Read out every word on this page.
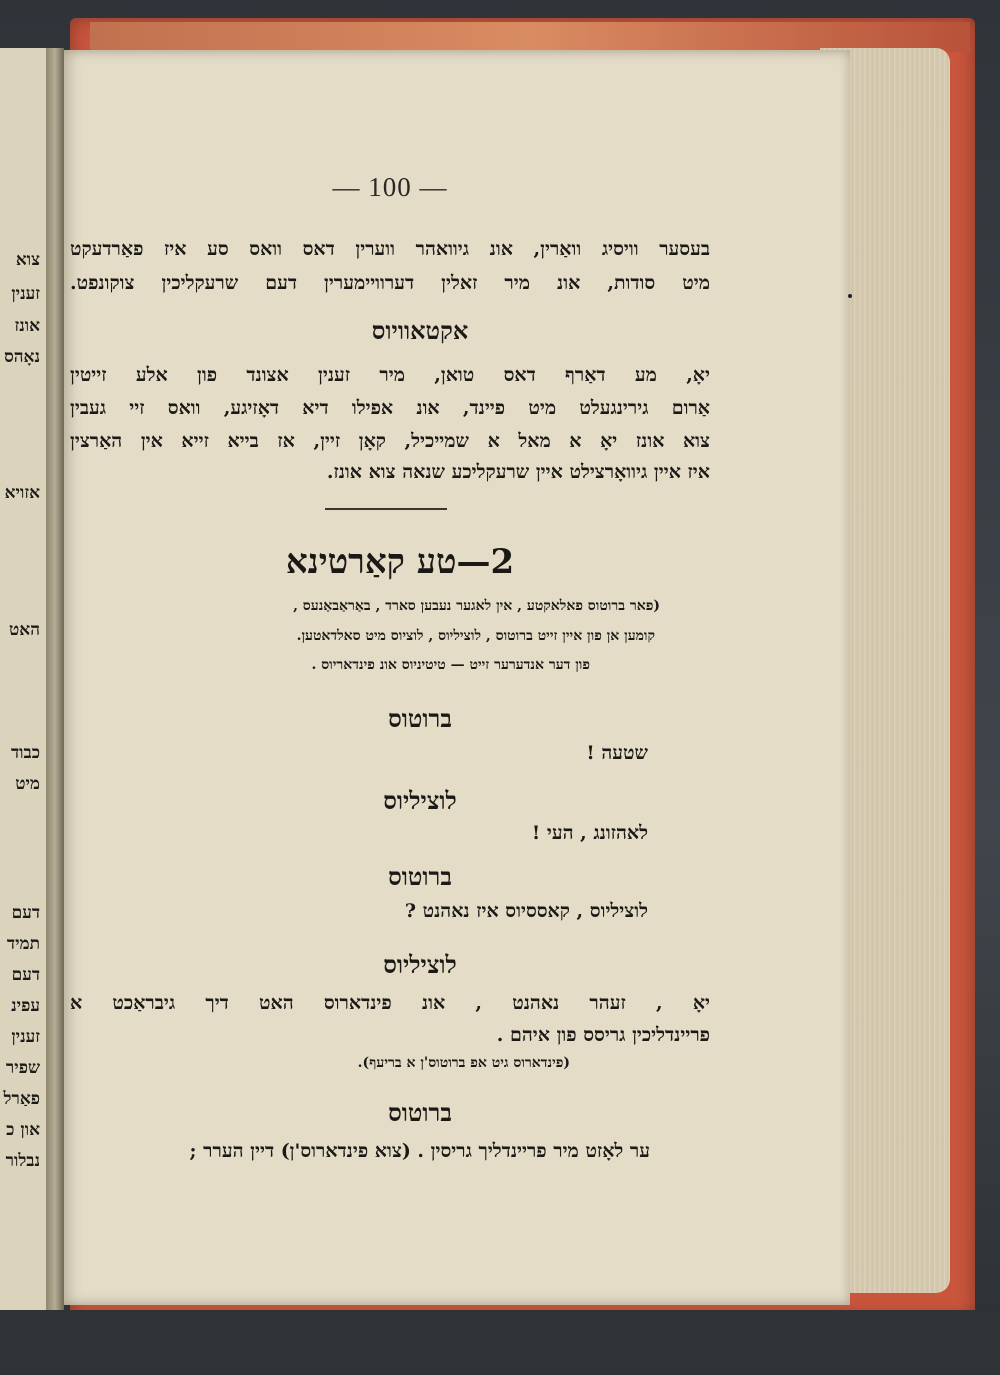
צוא
זענין
אונז
נאָהס
אזויא
האט
כבוד
מיט
דעם
תמיד
דעם
עפינ
זענין
שפיר
פאַרל
און כ
נבלור
— 100 —
בעסער וויסיג וואַרין, אונ גיוואהר ווערין דאס וואס סע איז פאַרדעקט
מיט סודות, אונ מיר זאלין דערוויימערין דעם שרעקליכין צוקונפט.
אקטאוויוס
יאָ, מע דאַרף דאס טואן, מיר זענין אצונד פון אלע זייטין
אַרום גירינגעלט מיט פיינד, אונ אפילו דיא דאָזיגע, וואס זיי געבין
צוא אונז יאָ א מאל א שמייכיל, קאָן זיין, אז בייא זייא אין האַרצין
איז איין גיוואָרצילט איין שרעקליכע שנאה צוא אונז.
2—טע קאַרטינא
(פאר ברוטוס פאלאקטע , אין לאגער נעבען סארד , באַראַבאַנעס ,
קומען אן פון איין זייט ברוטוס , לוציליוס , לוציוס מיט סאלדאטען.
פון דער אנדערער זייט — טיטיניוס אונ פינדאריוס .
ברוטוס
שטעה !
לוציליוס
לאהזונג , העי !
ברוטוס
לוציליוס , קאססיוס איז נאהנט ?
לוציליוס
יאָ , זעהר נאהנט , אונ פינדארוס האט דיך גיבראַכט א
פריינדליכין גריסס פון איהם .
(פינדארוס גיט אפ ברוטוס'ן א בריעף).
ברוטוס
ער לאָזט מיר פריינדליך גריסין . (צוא פינדארוס'ן) דיין הערר ;
